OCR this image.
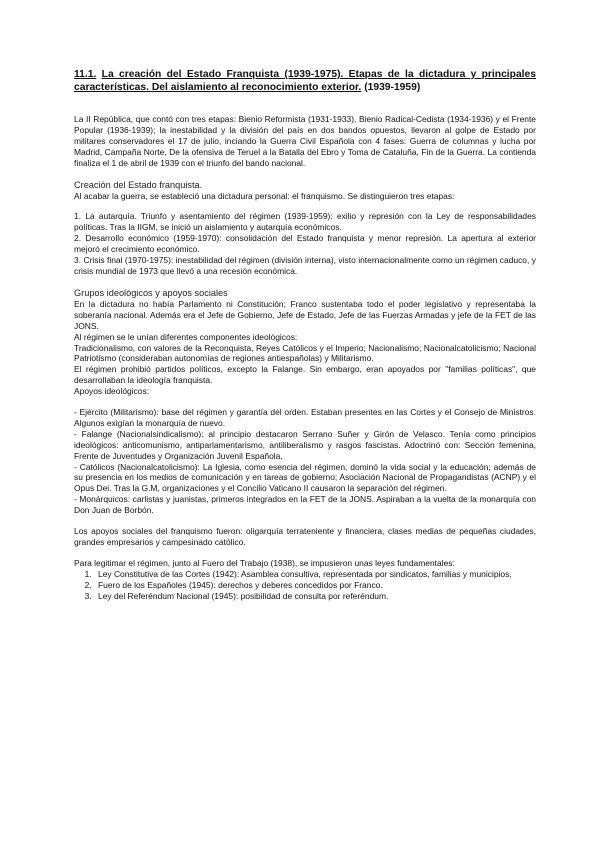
11.1. La creación del Estado Franquista (1939-1975). Etapas de la dictadura y principales características. Del aislamiento al reconocimiento exterior. (1939-1959)

La II República, que contó con tres etapas: Bienio Reformista (1931-1933), Bienio Radical-Cedista (1934-1936) y el Frente Popular (1936-1939); la inestabilidad y la división del país en dos bandos opuestos, llevaron al golpe de Estado por militares conservadores el 17 de julio, inciando la Guerra Civil Española con 4 fases: Guerra de columnas y lucha por Madrid, Campaña Norte, De la ofensiva de Teruel a la Batalla del Ebro y Toma de Cataluña, Fin de la Guerra. La contienda finaliza el 1 de abril de 1939 con el triunfo del bando nacional.

Creación del Estado franquista.

Al acabar la guerra, se estableció una dictadura personal: el franquismo. Se distinguieron tres etapas:

1. La autarquía. Triunfo y asentamiento del régimen (1939-1959): exilio y represión con la Ley de responsabilidades políticas. Tras la IIGM, se inició un aislamiento y autarquía económicos.

2. Desarrollo económico (1959-1970): consolidación del Estado franquista y menor represión. La apertura al exterior mejoró el crecimiento económico.

3. Crisis final (1970-1975): inestabilidad del régimen (división interna), visto internacionalmente como un régimen caduco, y crisis mundial de 1973 que llevó a una recesión económica.

Grupos ideológicos y apoyos sociales

En la dictadura no había Parlamento ni Constitución; Franco sustentaba todo el poder legislativo y representaba la soberanía nacional. Además era el Jefe de Gobierno, Jefe de Estado, Jefe de las Fuerzas Armadas y jefe de la FET de las JONS.

Al régimen se le unían diferentes componentes ideológicos:

Tradicionalismo, con valores de la Reconquista, Reyes Católicos y el Imperio; Nacionalismo; Nacionalcatolicismo; Nacional Patriotismo (consideraban autonomías de regiones antiespañolas) y Militarismo.

El régimen prohibió partidos políticos, excepto la Falange. Sin embargo, eran apoyados por "familias políticas", que desarrollaban la ideología franquista.

Apoyos ideológicos:

- Ejército (Militarismo): base del régimen y garantía del orden. Estaban presentes en las Cortes y el Consejo de Ministros. Algunos exigían la monarquía de nuevo.

- Falange (Nacionalsindicalismo): al principio destacaron Serrano Suñer y Girón de Velasco. Tenía como principios ideológicos: anticomunismo, antiparlamentarismo, antiliberalismo y rasgos fascistas. Adoctrinó con: Sección femenina, Frente de Juventudes y Organización Juvenil Española.

- Católicos (Nacionalcatolicismo): La Iglesia, como esencia del régimen, dominó la vida social y la educación; además de su presencia en los medios de comunicación y en tareas de gobierno; Asociación Nacional de Propagandistas (ACNP) y el Opus Dei. Tras la G.M, organizaciones y el Concilio Vaticano II causaron la separación del régimen.

- Monárquicos: carlistas y juanistas, primeros integrados en la FET de la JONS. Aspiraban a la vuelta de la monarquía con Don Juan de Borbón.

Los apoyos sociales del franquismo fueron: oligarquía terrateniente y financiera, clases medias de pequeñas ciudades, grandes empresarios y campesinado católico.

Para legitimar el régimen, junto al Fuero del Trabajo (1938), se impusieron unas leyes fundamentales:

1. Ley Constitutiva de las Cortes (1942): Asamblea consultiva, representada por sindicatos, familias y municipios.
2. Fuero de los Españoles (1945): derechos y deberes concedidos por Franco.
3. Ley del Referéndum Nacional (1945): posibilidad de consulta por referéndum.
